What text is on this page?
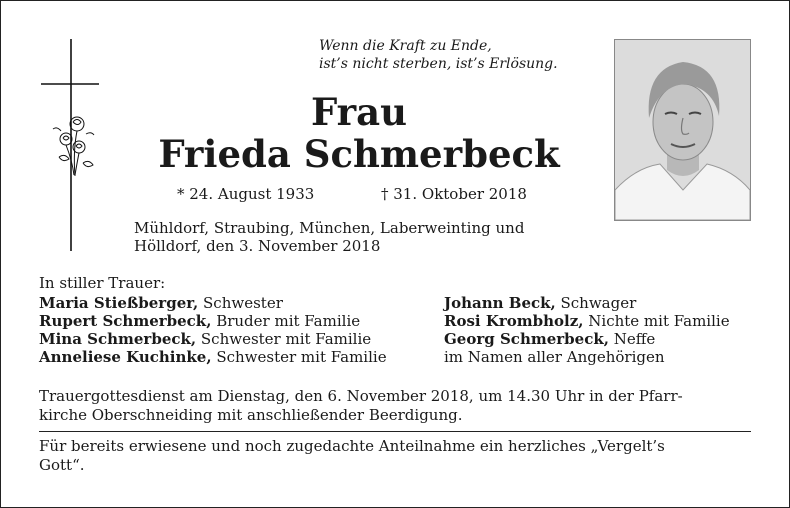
Wenn die Kraft zu Ende,
ist’s nicht sterben, ist’s Erlösung.
Frau
Frieda Schmerbeck
* 24. August 1933	† 31. Oktober 2018
Mühldorf, Straubing, München, Laberweinting und
Hölldorf, den 3. November 2018
In stiller Trauer:
Maria Stießberger, Schwester
Rupert Schmerbeck, Bruder mit Familie
Mina Schmerbeck, Schwester mit Familie
Anneliese Kuchinke, Schwester mit Familie
Johann Beck, Schwager
Rosi Krombholz, Nichte mit Familie
Georg Schmerbeck, Neffe
im Namen aller Angehörigen
Trauergottesdienst am Dienstag, den 6. November 2018, um 14.30 Uhr in der Pfarr-
kirche Oberschneiding mit anschließender Beerdigung.
Für bereits erwiesene und noch zugedachte Anteilnahme ein herzliches „Vergelt’s
Gott“.
